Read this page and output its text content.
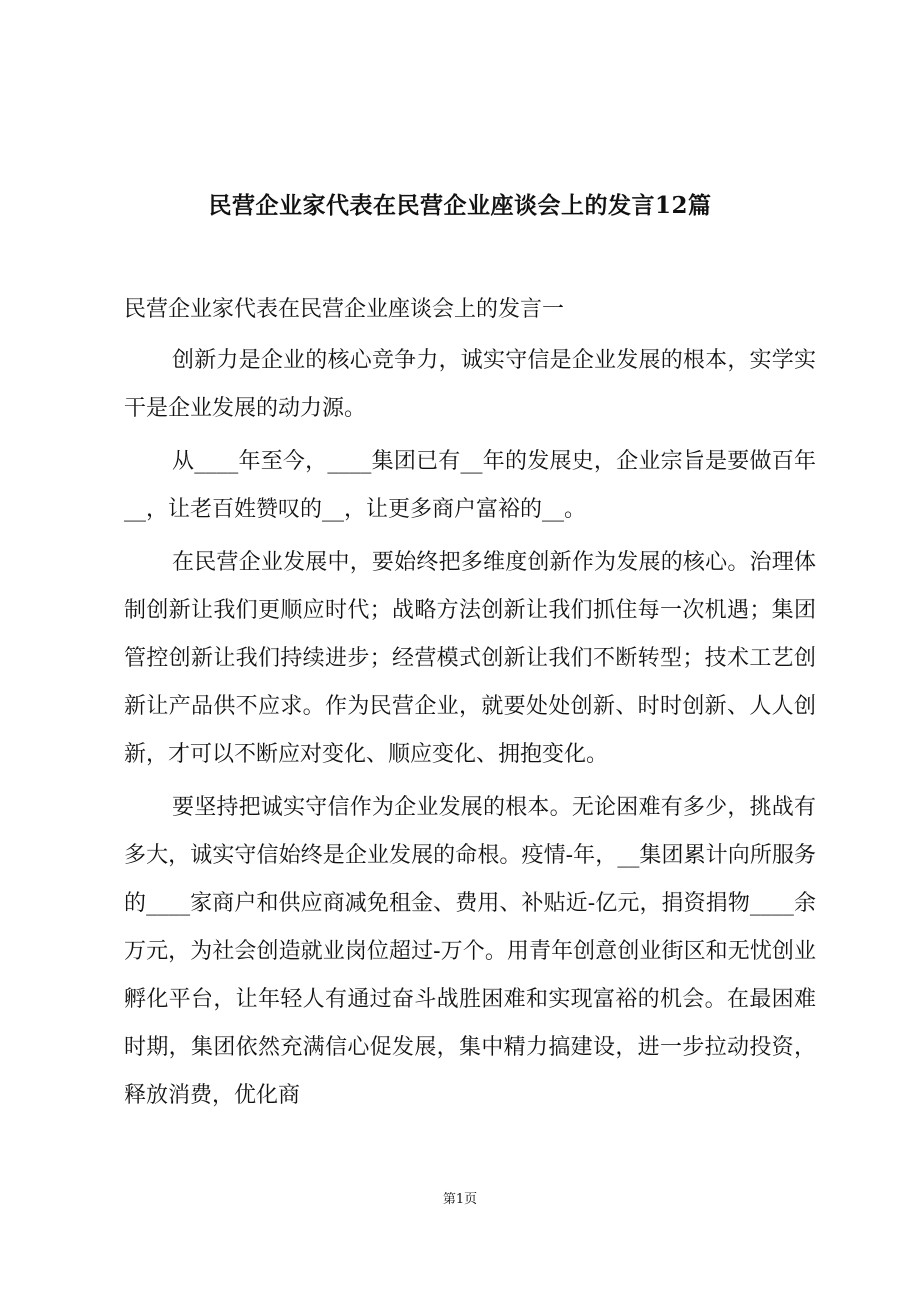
民营企业家代表在民营企业座谈会上的发言12篇

民营企业家代表在民营企业座谈会上的发言一

创新力是企业的核心竞争力，诚实守信是企业发展的根本，实学实干是企业发展的动力源。

从____年至今，____集团已有__年的发展史，企业宗旨是要做百年__，让老百姓赞叹的__，让更多商户富裕的__。

在民营企业发展中，要始终把多维度创新作为发展的核心。治理体制创新让我们更顺应时代；战略方法创新让我们抓住每一次机遇；集团管控创新让我们持续进步；经营模式创新让我们不断转型；技术工艺创新让产品供不应求。作为民营企业，就要处处创新、时时创新、人人创新，才可以不断应对变化、顺应变化、拥抱变化。

要坚持把诚实守信作为企业发展的根本。无论困难有多少，挑战有多大，诚实守信始终是企业发展的命根。疫情-年，__集团累计向所服务的____家商户和供应商减免租金、费用、补贴近-亿元，捐资捐物____余万元，为社会创造就业岗位超过-万个。用青年创意创业街区和无忧创业孵化平台，让年轻人有通过奋斗战胜困难和实现富裕的机会。在最困难时期，集团依然充满信心促发展，集中精力搞建设，进一步拉动投资，释放消费，优化商

第1页
